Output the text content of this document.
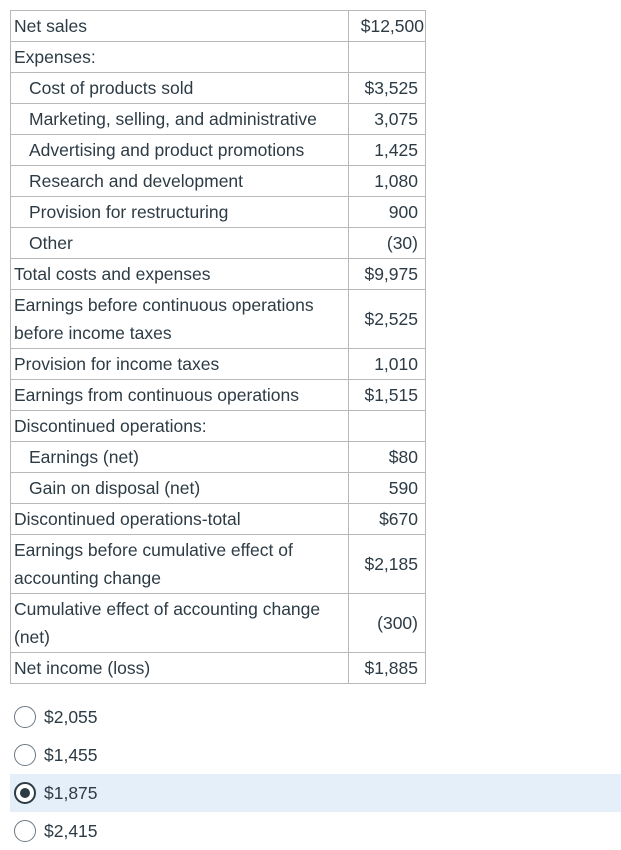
Net sales	$12,500
Expenses:	
Cost of products sold	$3,525
Marketing, selling, and administrative	3,075
Advertising and product promotions	1,425
Research and development	1,080
Provision for restructuring	900
Other	(30)
Total costs and expenses	$9,975
Earnings before continuous operations before income taxes	$2,525
Provision for income taxes	1,010
Earnings from continuous operations	$1,515
Discontinued operations:	
Earnings (net)	$80
Gain on disposal (net)	590
Discontinued operations-total	$670
Earnings before cumulative effect of accounting change	$2,185
Cumulative effect of accounting change (net)	(300)
Net income (loss)	$1,885
$2,055
$1,455
$1,875
$2,415
